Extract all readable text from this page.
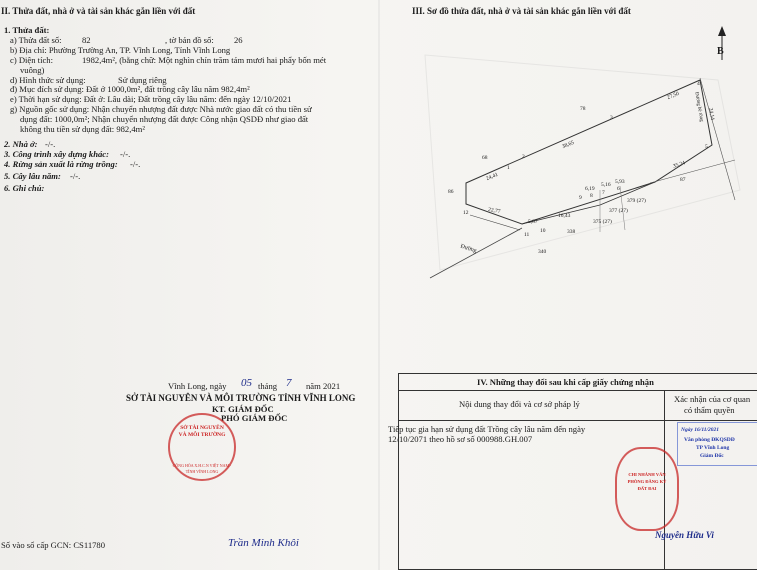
II. Thửa đất, nhà ở và tài sản khác gắn liền với đất
1. Thửa đất:
a) Thửa đất số: 82	, tờ bản đồ số: 26
b) Địa chỉ: Phường Trường An, TP. Vĩnh Long, Tỉnh Vĩnh Long
c) Diện tích:	1982,4m², (bằng chữ: Một nghìn chín trăm tám mươi hai phẩy bốn mét
vuông)
d) Hình thức sử dụng:	Sử dụng riêng
đ) Mục đích sử dụng: Đất ở 1000,0m², đất trồng cây lâu năm 982,4m²
e) Thời hạn sử dụng: Đất ở: Lâu dài; Đất trồng cây lâu năm: đến ngày 12/10/2021
g) Nguồn gốc sử dụng: Nhận chuyển nhượng đất được Nhà nước giao đất có thu tiền sử
dụng đất: 1000,0m²; Nhận chuyển nhượng đất được Công nhận QSDĐ như giao đất
không thu tiền sử dụng đất: 982,4m²
2. Nhà ở: -/-.
3. Công trình xây dựng khác: -/-.
4. Rừng sản xuất là rừng trồng: -/-.
5. Cây lâu năm: -/-.
6. Ghi chú:
Vĩnh Long, ngày 05 tháng 7 năm 2021
SỞ TÀI NGUYÊN VÀ MÔI TRƯỜNG TỈNH VĨNH LONG
KT. GIÁM ĐỐC
PHÓ GIÁM ĐỐC
SỞ TÀI NGUYÊN VÀ MÔI TRƯỜNG
CỘNG HÒA X.H.C.N VIỆT NAM · TỈNH VĨNH LONG
Trần Minh Khôi
Số vào sổ cấp GCN: CS11780
III. Sơ đồ thửa đất, nhà ở và tài sản khác gắn liền với đất
B
Đường
Đường bê tông
78
68
86
12
11
10
340
338
375 (27)
377 (27)
379 (27)
87
1
2
3
4
5
6
7
8
9
27,50
38,65
24,41
22,77
5,87
16,43
6,19
5,16 5,93
35,24
24,14
IV. Những thay đổi sau khi cấp giấy chứng nhận
Nội dung thay đổi và cơ sở pháp lý	Xác nhận của cơ quan
có thẩm quyền
Tiếp tục gia hạn sử dụng đất Trồng cây lâu năm đến ngày
12/10/2071 theo hồ sơ số 000988.GH.007
Ngày 16/11/2021
Văn phòng ĐKQSDĐ
TP Vĩnh Long
Giám Đốc
CHI NHÁNH VĂN PHÒNG ĐĂNG KÝ ĐẤT ĐAI
Nguyễn Hữu Vi
